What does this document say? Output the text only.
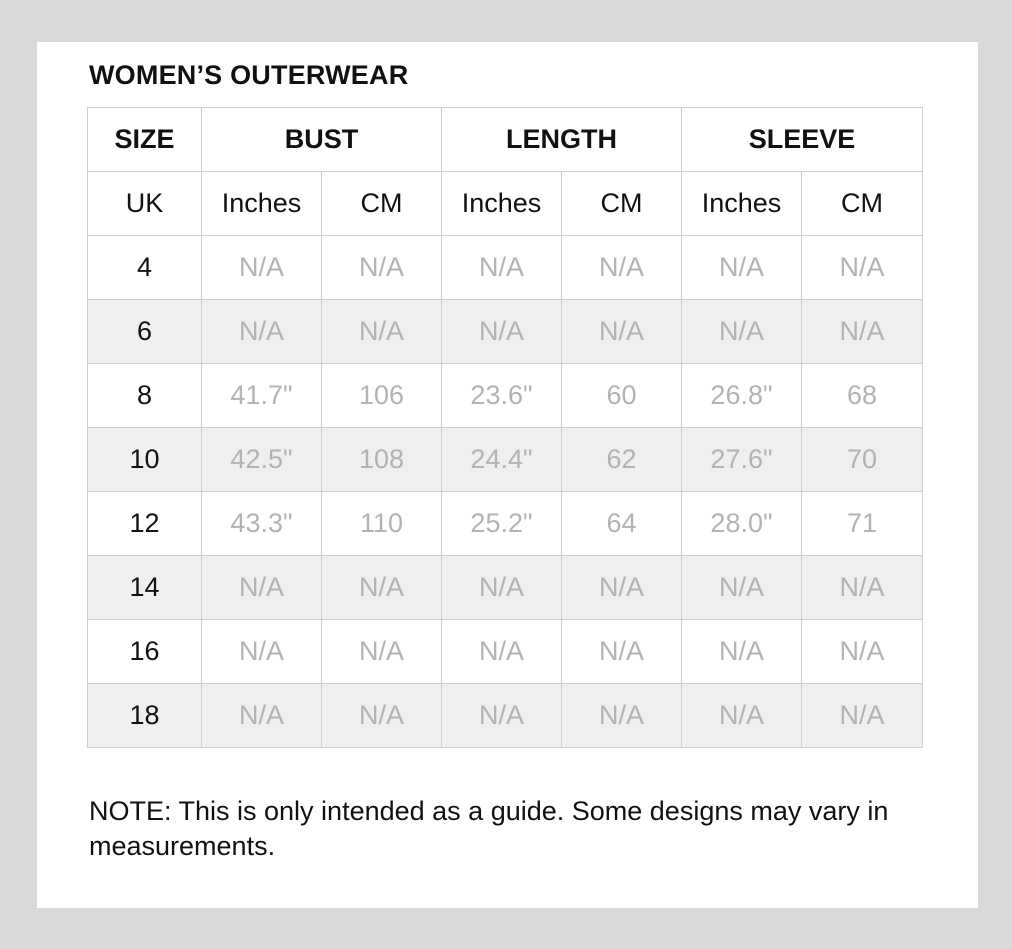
WOMEN’S OUTERWEAR
SIZE	BUST		LENGTH		SLEEVE	
UK	Inches	CM	Inches	CM	Inches	CM
4	N/A	N/A	N/A	N/A	N/A	N/A
6	N/A	N/A	N/A	N/A	N/A	N/A
8	41.7"	106	23.6"	60	26.8"	68
10	42.5"	108	24.4"	62	27.6"	70
12	43.3"	110	25.2"	64	28.0"	71
14	N/A	N/A	N/A	N/A	N/A	N/A
16	N/A	N/A	N/A	N/A	N/A	N/A
18	N/A	N/A	N/A	N/A	N/A	N/A

NOTE: This is only intended as a guide. Some designs may vary in measurements.
